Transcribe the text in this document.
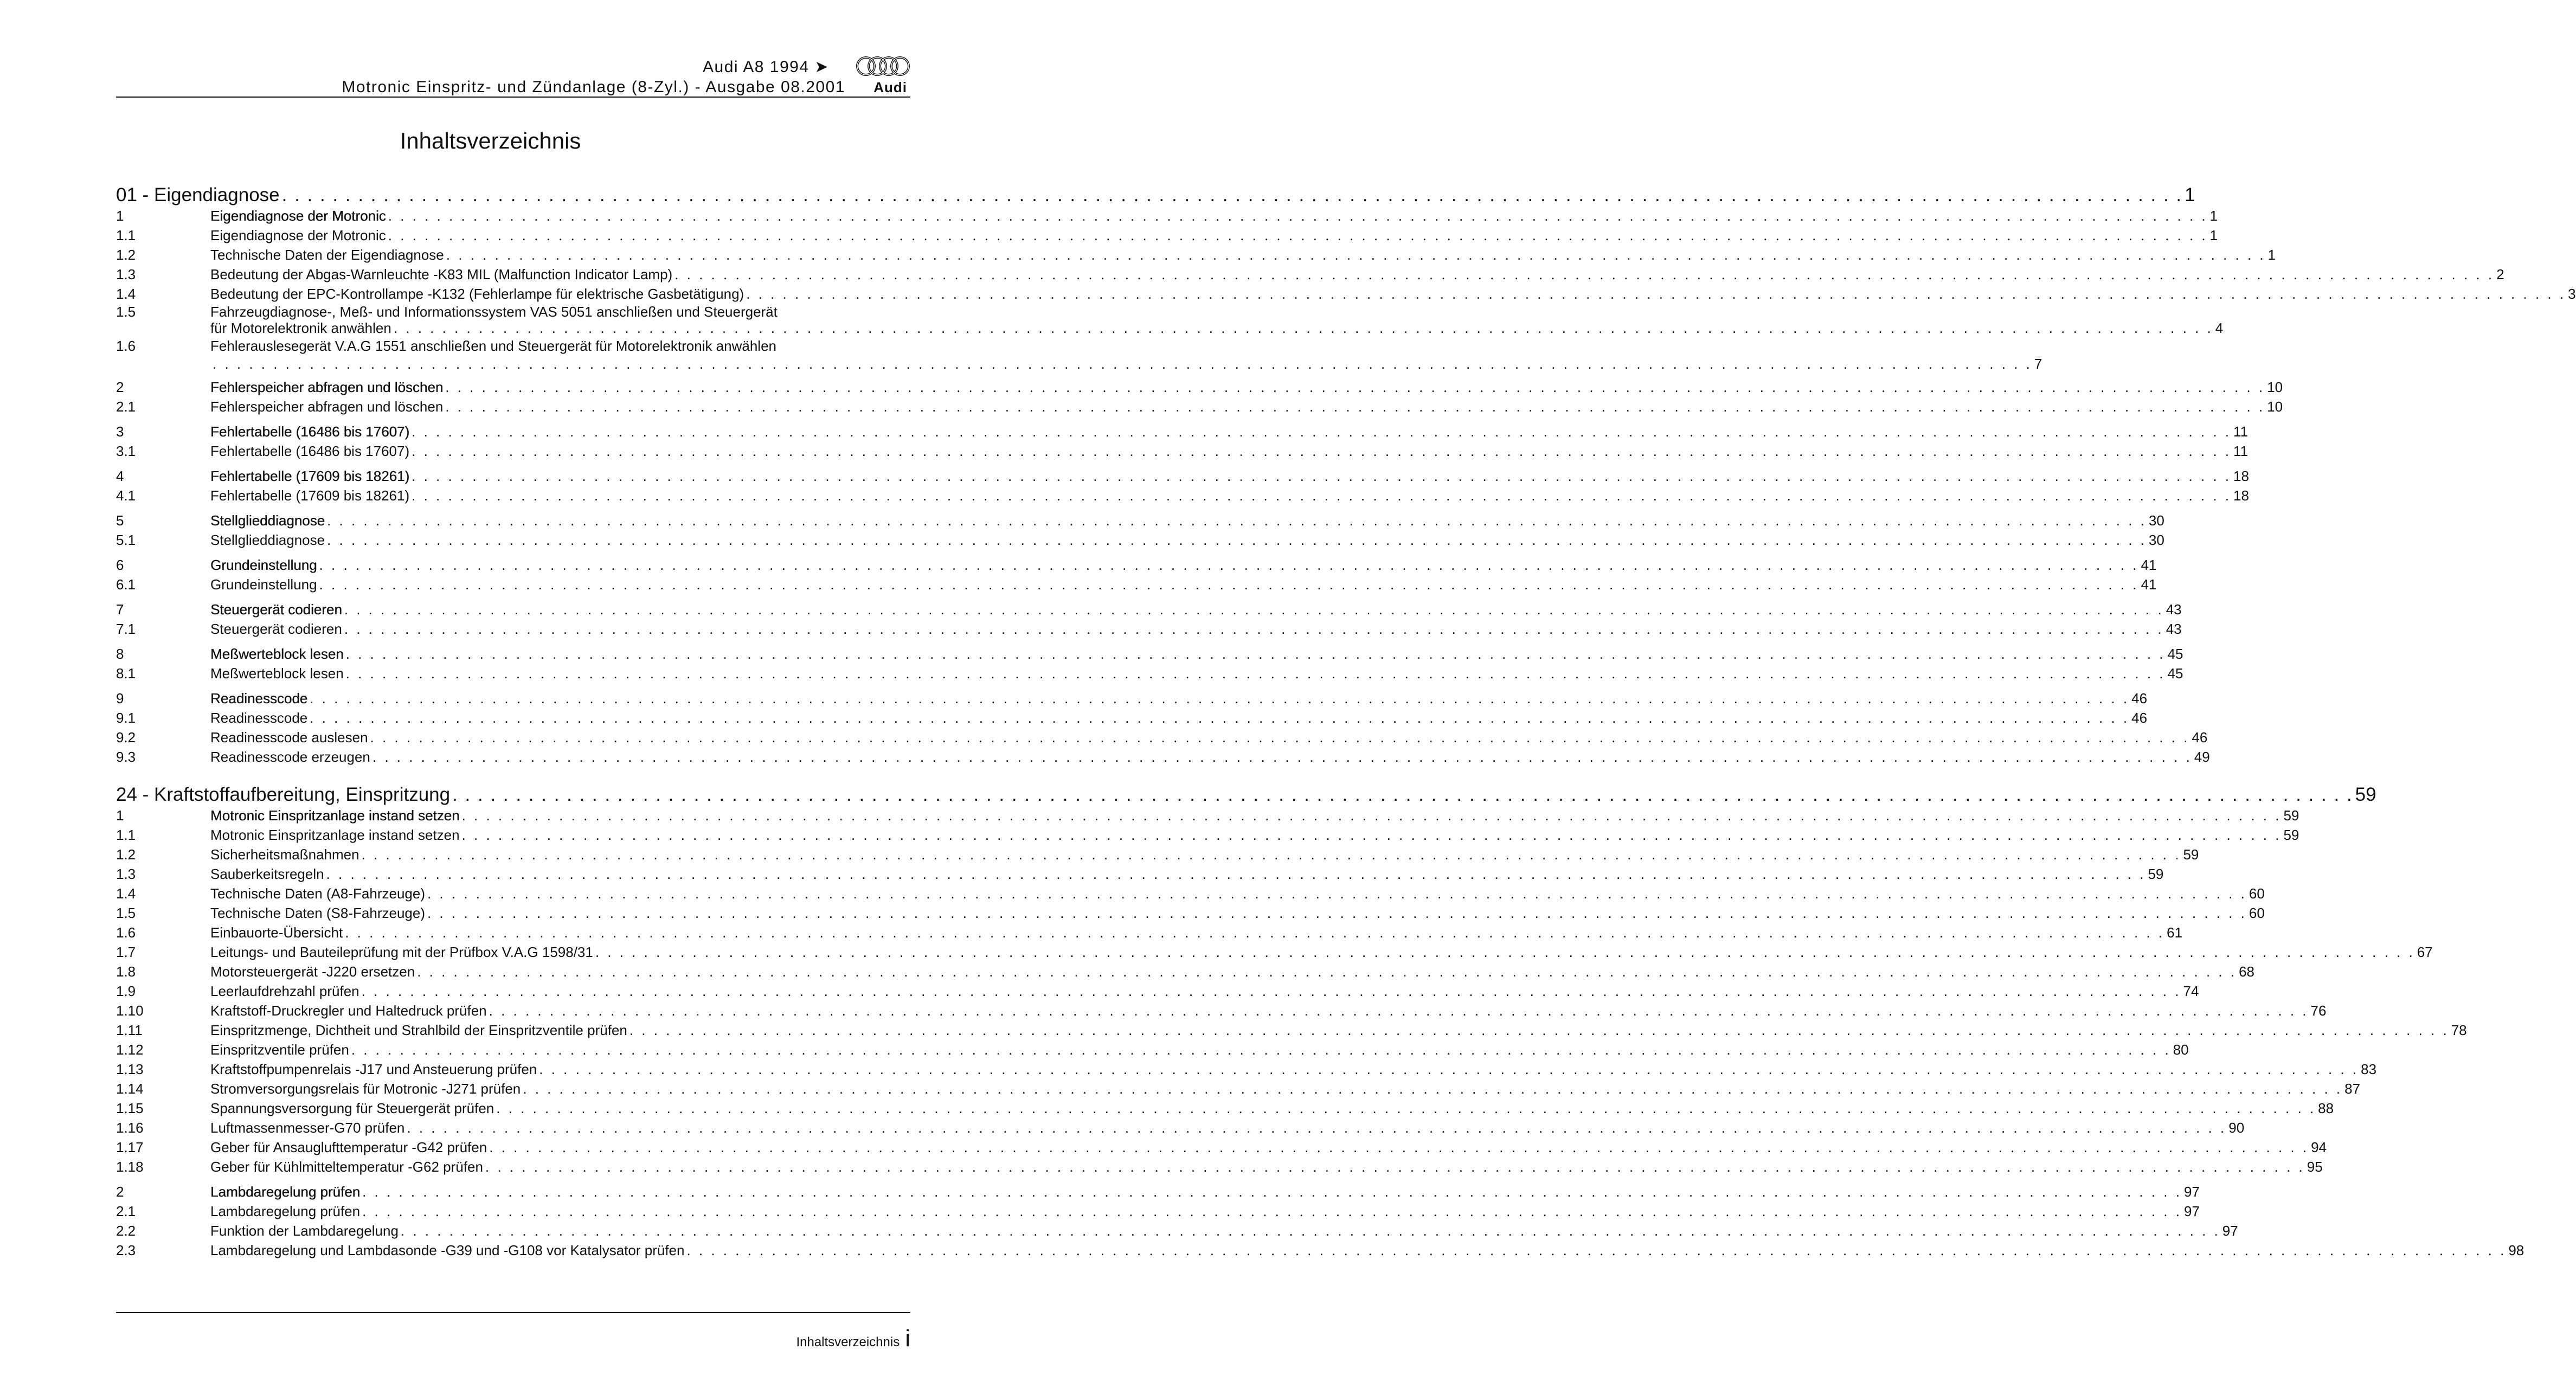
Audi A8 1994 ➤
Motronic Einspritz- und Zündanlage (8-Zyl.) - Ausgabe 08.2001 Audi
Inhaltsverzeichnis
01 - Eigendiagnose . . . . . . . . . . . . . . . . . . . . . . . . . . . . . . . . . . . . . . . . . . . . . . . . . . . . . . . . . . . . . . . . . . . . . . . . . . . . . . . . . . . . . . . . . . . . . . . . . . . . . . . . . . . . . . . . . . . . . . . . . . . . . . . . . . . . . . . . . . . . . . . . . . . . . . 1
1	Eigendiagnose der Motronic . . . . . . . . . . . . . . . . . . . . . . . . . . . . . . . . . . . . . . . . . . . . . . . . . . . . . . . . . . . . . . . . . . . . . . . . . . . . . . . . . . . . . . . . . . . . . . . . . . . . . . . . . . . . . . . . . . . . . . . . . . . . . . . . . . . . . . . . . . . . . . . . . . . . . . 1
1.1	Eigendiagnose der Motronic . . . . . . . . . . . . . . . . . . . . . . . . . . . . . . . . . . . . . . . . . . . . . . . . . . . . . . . . . . . . . . . . . . . . . . . . . . . . . . . . . . . . . . . . . . . . . . . . . . . . . . . . . . . . . . . . . . . . . . . . . . . . . . . . . . . . . . . . . . . . . . . . . . . . . . 1
1.2	Technische Daten der Eigendiagnose . . . . . . . . . . . . . . . . . . . . . . . . . . . . . . . . . . . . . . . . . . . . . . . . . . . . . . . . . . . . . . . . . . . . . . . . . . . . . . . . . . . . . . . . . . . . . . . . . . . . . . . . . . . . . . . . . . . . . . . . . . . . . . . . . . . . . . . . . . . . . . . . . . . . . . 1
1.3	Bedeutung der Abgas-Warnleuchte -K83 MIL (Malfunction Indicator Lamp) . . . . . . . . . . . . . . . . . . . . . . . . . . . . . . . . . . . . . . . . . . . . . . . . . . . . . . . . . . . . . . . . . . . . . . . . . . . . . . . . . . . . . . . . . . . . . . . . . . . . . . . . . . . . . . . . . . . . . . . . . . . . . . . . . . . . . . . . . . . . . . . . . . . . . . 2
1.4	Bedeutung der EPC-Kontrollampe -K132 (Fehlerlampe für elektrische Gasbetätigung) . . . . . . . . . . . . . . . . . . . . . . . . . . . . . . . . . . . . . . . . . . . . . . . . . . . . . . . . . . . . . . . . . . . . . . . . . . . . . . . . . . . . . . . . . . . . . . . . . . . . . . . . . . . . . . . . . . . . . . . . . . . . . . . . . . . . . . . . . . . . . . . . . . . . . . 3
1.5	Fahrzeugdiagnose-, Meß- und Informationssystem VAS 5051 anschließen und Steuergerät
für Motorelektronik anwählen . . . . . . . . . . . . . . . . . . . . . . . . . . . . . . . . . . . . . . . . . . . . . . . . . . . . . . . . . . . . . . . . . . . . . . . . . . . . . . . . . . . . . . . . . . . . . . . . . . . . . . . . . . . . . . . . . . . . . . . . . . . . . . . . . . . . . . . . . . . . . . . . . . . . . . 4
1.6	Fehlerauslesegerät V.A.G 1551 anschließen und Steuergerät für Motorelektronik anwählen
. . . . . . . . . . . . . . . . . . . . . . . . . . . . . . . . . . . . . . . . . . . . . . . . . . . . . . . . . . . . . . . . . . . . . . . . . . . . . . . . . . . . . . . . . . . . . . . . . . . . . . . . . . . . . . . . . . . . . . . . . . . . . . . . . . . . . . . . . . . . . . . . . . . . . . 7
2	Fehlerspeicher abfragen und löschen . . . . . . . . . . . . . . . . . . . . . . . . . . . . . . . . . . . . . . . . . . . . . . . . . . . . . . . . . . . . . . . . . . . . . . . . . . . . . . . . . . . . . . . . . . . . . . . . . . . . . . . . . . . . . . . . . . . . . . . . . . . . . . . . . . . . . . . . . . . . . . . . . . . . . . 10
2.1	Fehlerspeicher abfragen und löschen . . . . . . . . . . . . . . . . . . . . . . . . . . . . . . . . . . . . . . . . . . . . . . . . . . . . . . . . . . . . . . . . . . . . . . . . . . . . . . . . . . . . . . . . . . . . . . . . . . . . . . . . . . . . . . . . . . . . . . . . . . . . . . . . . . . . . . . . . . . . . . . . . . . . . . 10
3	Fehlertabelle (16486 bis 17607) . . . . . . . . . . . . . . . . . . . . . . . . . . . . . . . . . . . . . . . . . . . . . . . . . . . . . . . . . . . . . . . . . . . . . . . . . . . . . . . . . . . . . . . . . . . . . . . . . . . . . . . . . . . . . . . . . . . . . . . . . . . . . . . . . . . . . . . . . . . . . . . . . . . . . . 11
3.1	Fehlertabelle (16486 bis 17607) . . . . . . . . . . . . . . . . . . . . . . . . . . . . . . . . . . . . . . . . . . . . . . . . . . . . . . . . . . . . . . . . . . . . . . . . . . . . . . . . . . . . . . . . . . . . . . . . . . . . . . . . . . . . . . . . . . . . . . . . . . . . . . . . . . . . . . . . . . . . . . . . . . . . . . 11
4	Fehlertabelle (17609 bis 18261) . . . . . . . . . . . . . . . . . . . . . . . . . . . . . . . . . . . . . . . . . . . . . . . . . . . . . . . . . . . . . . . . . . . . . . . . . . . . . . . . . . . . . . . . . . . . . . . . . . . . . . . . . . . . . . . . . . . . . . . . . . . . . . . . . . . . . . . . . . . . . . . . . . . . . . 18
4.1	Fehlertabelle (17609 bis 18261) . . . . . . . . . . . . . . . . . . . . . . . . . . . . . . . . . . . . . . . . . . . . . . . . . . . . . . . . . . . . . . . . . . . . . . . . . . . . . . . . . . . . . . . . . . . . . . . . . . . . . . . . . . . . . . . . . . . . . . . . . . . . . . . . . . . . . . . . . . . . . . . . . . . . . . 18
5	Stellglieddiagnose . . . . . . . . . . . . . . . . . . . . . . . . . . . . . . . . . . . . . . . . . . . . . . . . . . . . . . . . . . . . . . . . . . . . . . . . . . . . . . . . . . . . . . . . . . . . . . . . . . . . . . . . . . . . . . . . . . . . . . . . . . . . . . . . . . . . . . . . . . . . . . . . . . . . . . 30
5.1	Stellglieddiagnose . . . . . . . . . . . . . . . . . . . . . . . . . . . . . . . . . . . . . . . . . . . . . . . . . . . . . . . . . . . . . . . . . . . . . . . . . . . . . . . . . . . . . . . . . . . . . . . . . . . . . . . . . . . . . . . . . . . . . . . . . . . . . . . . . . . . . . . . . . . . . . . . . . . . . . 30
6	Grundeinstellung . . . . . . . . . . . . . . . . . . . . . . . . . . . . . . . . . . . . . . . . . . . . . . . . . . . . . . . . . . . . . . . . . . . . . . . . . . . . . . . . . . . . . . . . . . . . . . . . . . . . . . . . . . . . . . . . . . . . . . . . . . . . . . . . . . . . . . . . . . . . . . . . . . . . . . 41
6.1	Grundeinstellung . . . . . . . . . . . . . . . . . . . . . . . . . . . . . . . . . . . . . . . . . . . . . . . . . . . . . . . . . . . . . . . . . . . . . . . . . . . . . . . . . . . . . . . . . . . . . . . . . . . . . . . . . . . . . . . . . . . . . . . . . . . . . . . . . . . . . . . . . . . . . . . . . . . . . . 41
7	Steuergerät codieren . . . . . . . . . . . . . . . . . . . . . . . . . . . . . . . . . . . . . . . . . . . . . . . . . . . . . . . . . . . . . . . . . . . . . . . . . . . . . . . . . . . . . . . . . . . . . . . . . . . . . . . . . . . . . . . . . . . . . . . . . . . . . . . . . . . . . . . . . . . . . . . . . . . . . . 43
7.1	Steuergerät codieren . . . . . . . . . . . . . . . . . . . . . . . . . . . . . . . . . . . . . . . . . . . . . . . . . . . . . . . . . . . . . . . . . . . . . . . . . . . . . . . . . . . . . . . . . . . . . . . . . . . . . . . . . . . . . . . . . . . . . . . . . . . . . . . . . . . . . . . . . . . . . . . . . . . . . . 43
8	Meßwerteblock lesen . . . . . . . . . . . . . . . . . . . . . . . . . . . . . . . . . . . . . . . . . . . . . . . . . . . . . . . . . . . . . . . . . . . . . . . . . . . . . . . . . . . . . . . . . . . . . . . . . . . . . . . . . . . . . . . . . . . . . . . . . . . . . . . . . . . . . . . . . . . . . . . . . . . . . . 45
8.1	Meßwerteblock lesen . . . . . . . . . . . . . . . . . . . . . . . . . . . . . . . . . . . . . . . . . . . . . . . . . . . . . . . . . . . . . . . . . . . . . . . . . . . . . . . . . . . . . . . . . . . . . . . . . . . . . . . . . . . . . . . . . . . . . . . . . . . . . . . . . . . . . . . . . . . . . . . . . . . . . . 45
9	Readinesscode . . . . . . . . . . . . . . . . . . . . . . . . . . . . . . . . . . . . . . . . . . . . . . . . . . . . . . . . . . . . . . . . . . . . . . . . . . . . . . . . . . . . . . . . . . . . . . . . . . . . . . . . . . . . . . . . . . . . . . . . . . . . . . . . . . . . . . . . . . . . . . . . . . . . . . 46
9.1	Readinesscode . . . . . . . . . . . . . . . . . . . . . . . . . . . . . . . . . . . . . . . . . . . . . . . . . . . . . . . . . . . . . . . . . . . . . . . . . . . . . . . . . . . . . . . . . . . . . . . . . . . . . . . . . . . . . . . . . . . . . . . . . . . . . . . . . . . . . . . . . . . . . . . . . . . . . . 46
9.2	Readinesscode auslesen . . . . . . . . . . . . . . . . . . . . . . . . . . . . . . . . . . . . . . . . . . . . . . . . . . . . . . . . . . . . . . . . . . . . . . . . . . . . . . . . . . . . . . . . . . . . . . . . . . . . . . . . . . . . . . . . . . . . . . . . . . . . . . . . . . . . . . . . . . . . . . . . . . . . . . 46
9.3	Readinesscode erzeugen . . . . . . . . . . . . . . . . . . . . . . . . . . . . . . . . . . . . . . . . . . . . . . . . . . . . . . . . . . . . . . . . . . . . . . . . . . . . . . . . . . . . . . . . . . . . . . . . . . . . . . . . . . . . . . . . . . . . . . . . . . . . . . . . . . . . . . . . . . . . . . . . . . . . . . 49
24 - Kraftstoffaufbereitung, Einspritzung . . . . . . . . . . . . . . . . . . . . . . . . . . . . . . . . . . . . . . . . . . . . . . . . . . . . . . . . . . . . . . . . . . . . . . . . . . . . . . . . . . . . . . . . . . . . . . . . . . . . . . . . . . . . . . . . . . . . . . . . . . . . . . . . . . . . . . . . . . . . . . . . . . . . . . 59
1	Motronic Einspritzanlage instand setzen . . . . . . . . . . . . . . . . . . . . . . . . . . . . . . . . . . . . . . . . . . . . . . . . . . . . . . . . . . . . . . . . . . . . . . . . . . . . . . . . . . . . . . . . . . . . . . . . . . . . . . . . . . . . . . . . . . . . . . . . . . . . . . . . . . . . . . . . . . . . . . . . . . . . . . 59
1.1	Motronic Einspritzanlage instand setzen . . . . . . . . . . . . . . . . . . . . . . . . . . . . . . . . . . . . . . . . . . . . . . . . . . . . . . . . . . . . . . . . . . . . . . . . . . . . . . . . . . . . . . . . . . . . . . . . . . . . . . . . . . . . . . . . . . . . . . . . . . . . . . . . . . . . . . . . . . . . . . . . . . . . . . 59
1.2	Sicherheitsmaßnahmen . . . . . . . . . . . . . . . . . . . . . . . . . . . . . . . . . . . . . . . . . . . . . . . . . . . . . . . . . . . . . . . . . . . . . . . . . . . . . . . . . . . . . . . . . . . . . . . . . . . . . . . . . . . . . . . . . . . . . . . . . . . . . . . . . . . . . . . . . . . . . . . . . . . . . . 59
1.3	Sauberkeitsregeln . . . . . . . . . . . . . . . . . . . . . . . . . . . . . . . . . . . . . . . . . . . . . . . . . . . . . . . . . . . . . . . . . . . . . . . . . . . . . . . . . . . . . . . . . . . . . . . . . . . . . . . . . . . . . . . . . . . . . . . . . . . . . . . . . . . . . . . . . . . . . . . . . . . . . . 59
1.4	Technische Daten (A8-Fahrzeuge) . . . . . . . . . . . . . . . . . . . . . . . . . . . . . . . . . . . . . . . . . . . . . . . . . . . . . . . . . . . . . . . . . . . . . . . . . . . . . . . . . . . . . . . . . . . . . . . . . . . . . . . . . . . . . . . . . . . . . . . . . . . . . . . . . . . . . . . . . . . . . . . . . . . . . . 60
1.5	Technische Daten (S8-Fahrzeuge) . . . . . . . . . . . . . . . . . . . . . . . . . . . . . . . . . . . . . . . . . . . . . . . . . . . . . . . . . . . . . . . . . . . . . . . . . . . . . . . . . . . . . . . . . . . . . . . . . . . . . . . . . . . . . . . . . . . . . . . . . . . . . . . . . . . . . . . . . . . . . . . . . . . . . . 60
1.6	Einbauorte-Übersicht . . . . . . . . . . . . . . . . . . . . . . . . . . . . . . . . . . . . . . . . . . . . . . . . . . . . . . . . . . . . . . . . . . . . . . . . . . . . . . . . . . . . . . . . . . . . . . . . . . . . . . . . . . . . . . . . . . . . . . . . . . . . . . . . . . . . . . . . . . . . . . . . . . . . . . 61
1.7	Leitungs- und Bauteileprüfung mit der Prüfbox V.A.G 1598/31 . . . . . . . . . . . . . . . . . . . . . . . . . . . . . . . . . . . . . . . . . . . . . . . . . . . . . . . . . . . . . . . . . . . . . . . . . . . . . . . . . . . . . . . . . . . . . . . . . . . . . . . . . . . . . . . . . . . . . . . . . . . . . . . . . . . . . . . . . . . . . . . . . . . . . . 67
1.8	Motorsteuergerät -J220 ersetzen . . . . . . . . . . . . . . . . . . . . . . . . . . . . . . . . . . . . . . . . . . . . . . . . . . . . . . . . . . . . . . . . . . . . . . . . . . . . . . . . . . . . . . . . . . . . . . . . . . . . . . . . . . . . . . . . . . . . . . . . . . . . . . . . . . . . . . . . . . . . . . . . . . . . . . 68
1.9	Leerlaufdrehzahl prüfen . . . . . . . . . . . . . . . . . . . . . . . . . . . . . . . . . . . . . . . . . . . . . . . . . . . . . . . . . . . . . . . . . . . . . . . . . . . . . . . . . . . . . . . . . . . . . . . . . . . . . . . . . . . . . . . . . . . . . . . . . . . . . . . . . . . . . . . . . . . . . . . . . . . . . . 74
1.10	Kraftstoff-Druckregler und Haltedruck prüfen . . . . . . . . . . . . . . . . . . . . . . . . . . . . . . . . . . . . . . . . . . . . . . . . . . . . . . . . . . . . . . . . . . . . . . . . . . . . . . . . . . . . . . . . . . . . . . . . . . . . . . . . . . . . . . . . . . . . . . . . . . . . . . . . . . . . . . . . . . . . . . . . . . . . . . 76
1.11	Einspritzmenge, Dichtheit und Strahlbild der Einspritzventile prüfen . . . . . . . . . . . . . . . . . . . . . . . . . . . . . . . . . . . . . . . . . . . . . . . . . . . . . . . . . . . . . . . . . . . . . . . . . . . . . . . . . . . . . . . . . . . . . . . . . . . . . . . . . . . . . . . . . . . . . . . . . . . . . . . . . . . . . . . . . . . . . . . . . . . . . . 78
1.12	Einspritzventile prüfen . . . . . . . . . . . . . . . . . . . . . . . . . . . . . . . . . . . . . . . . . . . . . . . . . . . . . . . . . . . . . . . . . . . . . . . . . . . . . . . . . . . . . . . . . . . . . . . . . . . . . . . . . . . . . . . . . . . . . . . . . . . . . . . . . . . . . . . . . . . . . . . . . . . . . . 80
1.13	Kraftstoffpumpenrelais -J17 und Ansteuerung prüfen . . . . . . . . . . . . . . . . . . . . . . . . . . . . . . . . . . . . . . . . . . . . . . . . . . . . . . . . . . . . . . . . . . . . . . . . . . . . . . . . . . . . . . . . . . . . . . . . . . . . . . . . . . . . . . . . . . . . . . . . . . . . . . . . . . . . . . . . . . . . . . . . . . . . . . 83
1.14	Stromversorgungsrelais für Motronic -J271 prüfen . . . . . . . . . . . . . . . . . . . . . . . . . . . . . . . . . . . . . . . . . . . . . . . . . . . . . . . . . . . . . . . . . . . . . . . . . . . . . . . . . . . . . . . . . . . . . . . . . . . . . . . . . . . . . . . . . . . . . . . . . . . . . . . . . . . . . . . . . . . . . . . . . . . . . . 87
1.15	Spannungsversorgung für Steuergerät prüfen . . . . . . . . . . . . . . . . . . . . . . . . . . . . . . . . . . . . . . . . . . . . . . . . . . . . . . . . . . . . . . . . . . . . . . . . . . . . . . . . . . . . . . . . . . . . . . . . . . . . . . . . . . . . . . . . . . . . . . . . . . . . . . . . . . . . . . . . . . . . . . . . . . . . . . 88
1.16	Luftmassenmesser-G70 prüfen . . . . . . . . . . . . . . . . . . . . . . . . . . . . . . . . . . . . . . . . . . . . . . . . . . . . . . . . . . . . . . . . . . . . . . . . . . . . . . . . . . . . . . . . . . . . . . . . . . . . . . . . . . . . . . . . . . . . . . . . . . . . . . . . . . . . . . . . . . . . . . . . . . . . . . 90
1.17	Geber für Ansauglufttemperatur -G42 prüfen . . . . . . . . . . . . . . . . . . . . . . . . . . . . . . . . . . . . . . . . . . . . . . . . . . . . . . . . . . . . . . . . . . . . . . . . . . . . . . . . . . . . . . . . . . . . . . . . . . . . . . . . . . . . . . . . . . . . . . . . . . . . . . . . . . . . . . . . . . . . . . . . . . . . . . 94
1.18	Geber für Kühlmitteltemperatur -G62 prüfen . . . . . . . . . . . . . . . . . . . . . . . . . . . . . . . . . . . . . . . . . . . . . . . . . . . . . . . . . . . . . . . . . . . . . . . . . . . . . . . . . . . . . . . . . . . . . . . . . . . . . . . . . . . . . . . . . . . . . . . . . . . . . . . . . . . . . . . . . . . . . . . . . . . . . . 95
2	Lambdaregelung prüfen . . . . . . . . . . . . . . . . . . . . . . . . . . . . . . . . . . . . . . . . . . . . . . . . . . . . . . . . . . . . . . . . . . . . . . . . . . . . . . . . . . . . . . . . . . . . . . . . . . . . . . . . . . . . . . . . . . . . . . . . . . . . . . . . . . . . . . . . . . . . . . . . . . . . . . 97
2.1	Lambdaregelung prüfen . . . . . . . . . . . . . . . . . . . . . . . . . . . . . . . . . . . . . . . . . . . . . . . . . . . . . . . . . . . . . . . . . . . . . . . . . . . . . . . . . . . . . . . . . . . . . . . . . . . . . . . . . . . . . . . . . . . . . . . . . . . . . . . . . . . . . . . . . . . . . . . . . . . . . . 97
2.2	Funktion der Lambdaregelung . . . . . . . . . . . . . . . . . . . . . . . . . . . . . . . . . . . . . . . . . . . . . . . . . . . . . . . . . . . . . . . . . . . . . . . . . . . . . . . . . . . . . . . . . . . . . . . . . . . . . . . . . . . . . . . . . . . . . . . . . . . . . . . . . . . . . . . . . . . . . . . . . . . . . . 97
2.3	Lambdaregelung und Lambdasonde -G39 und -G108 vor Katalysator prüfen . . . . . . . . . . . . . . . . . . . . . . . . . . . . . . . . . . . . . . . . . . . . . . . . . . . . . . . . . . . . . . . . . . . . . . . . . . . . . . . . . . . . . . . . . . . . . . . . . . . . . . . . . . . . . . . . . . . . . . . . . . . . . . . . . . . . . . . . . . . . . . . . . . . . . . 98
Inhaltsverzeichnis i
